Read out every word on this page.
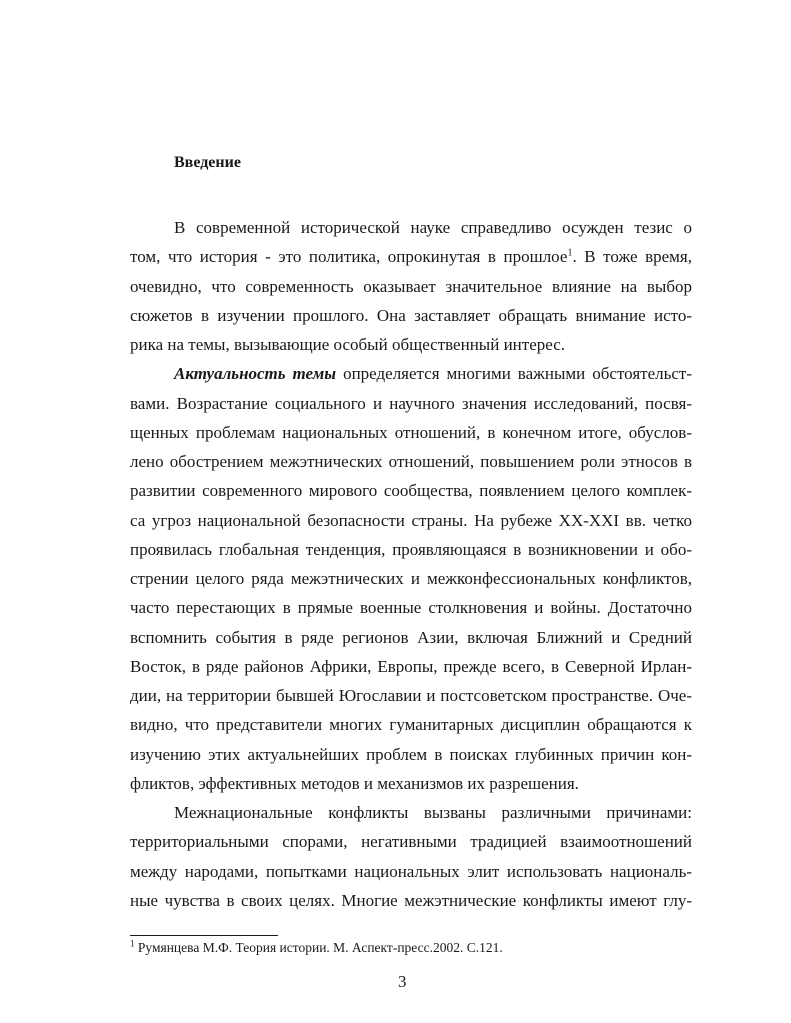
Введение
В современной исторической науке справедливо осужден тезис о
том, что история - это политика, опрокинутая в прошлое$^1$. В тоже время,
очевидно, что современность оказывает значительное влияние на выбор
сюжетов в изучении прошлого. Она заставляет обращать внимание исто-
рика на темы, вызывающие особый общественный интерес.
Актуальность темы определяется многими важными обстоятельст-
вами. Возрастание социального и научного значения исследований, посвя-
щенных проблемам национальных отношений, в конечном итоге, обуслов-
лено обострением межэтнических отношений, повышением роли этносов в
развитии современного мирового сообщества, появлением целого комплек-
са угроз национальной безопасности страны. На рубеже XX-XXI вв. четко
проявилась глобальная тенденция, проявляющаяся в возникновении и обо-
стрении целого ряда межэтнических и межконфессиональных конфликтов,
часто перестающих в прямые военные столкновения и войны. Достаточно
вспомнить события в ряде регионов Азии, включая Ближний и Средний
Восток, в ряде районов Африки, Европы, прежде всего, в Северной Ирлан-
дии, на территории бывшей Югославии и постсоветском пространстве. Оче-
видно, что представители многих гуманитарных дисциплин обращаются к
изучению этих актуальнейших проблем в поисках глубинных причин кон-
фликтов, эффективных методов и механизмов их разрешения.
Межнациональные конфликты вызваны различными причинами:
территориальными спорами, негативными традицией взаимоотношений
между народами, попытками национальных элит использовать националь-
ные чувства в своих целях. Многие межэтнические конфликты имеют глу-
$^1$ Румянцева М.Ф. Теория истории. М. Аспект-пресс.2002. С.121.
3
